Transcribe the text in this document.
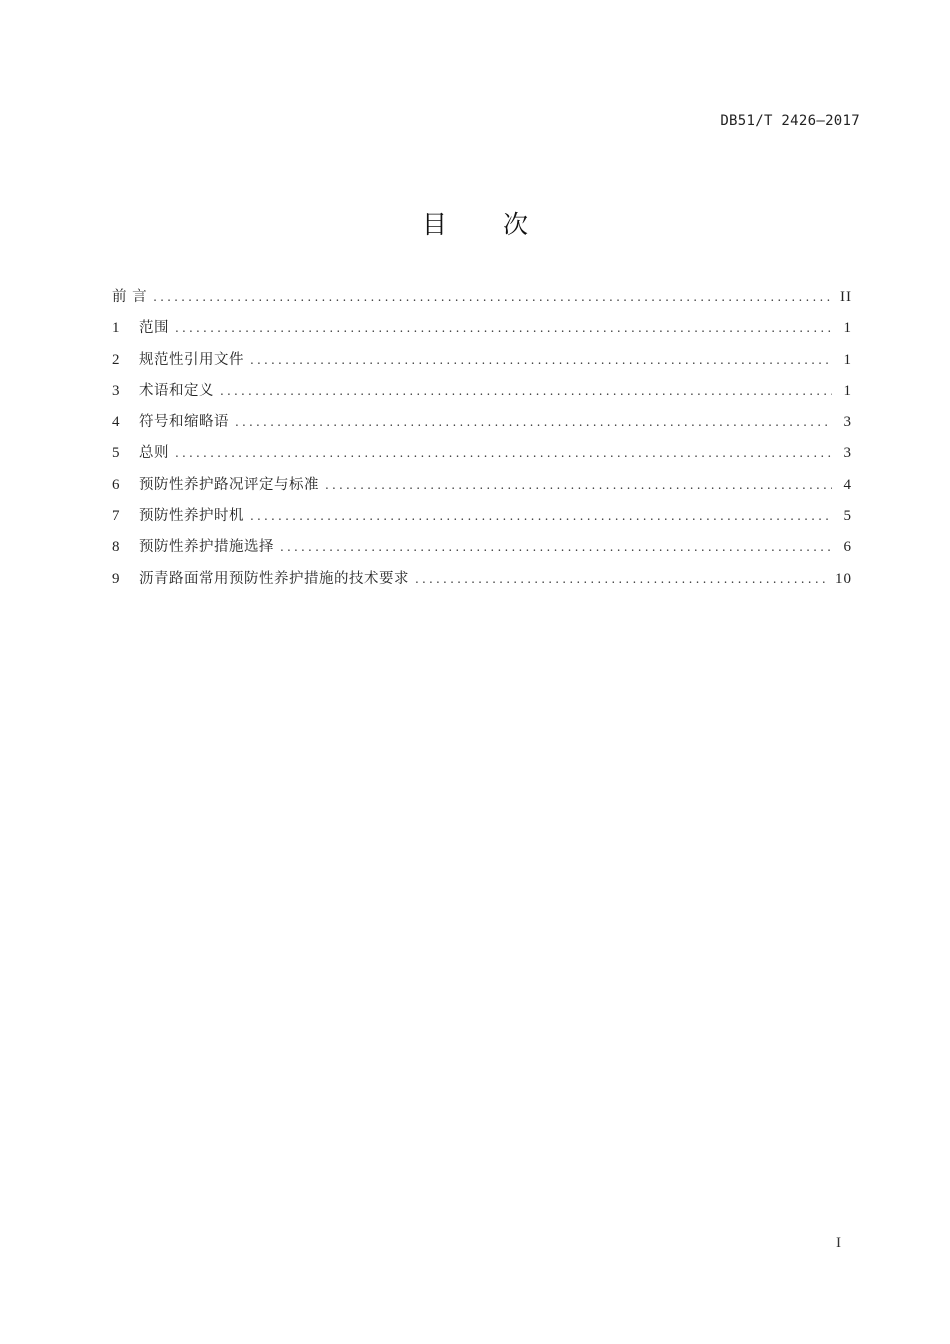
DB51/T 2426—2017
目 次
前 言 .....	II
1	范围 .....	1
2	规范性引用文件 .....	1
3	术语和定义 .....	1
4	符号和缩略语 .....	3
5	总则 .....	3
6	预防性养护路况评定与标准 .....	4
7	预防性养护时机 .....	5
8	预防性养护措施选择 .....	6
9	沥青路面常用预防性养护措施的技术要求 .....	10
I
